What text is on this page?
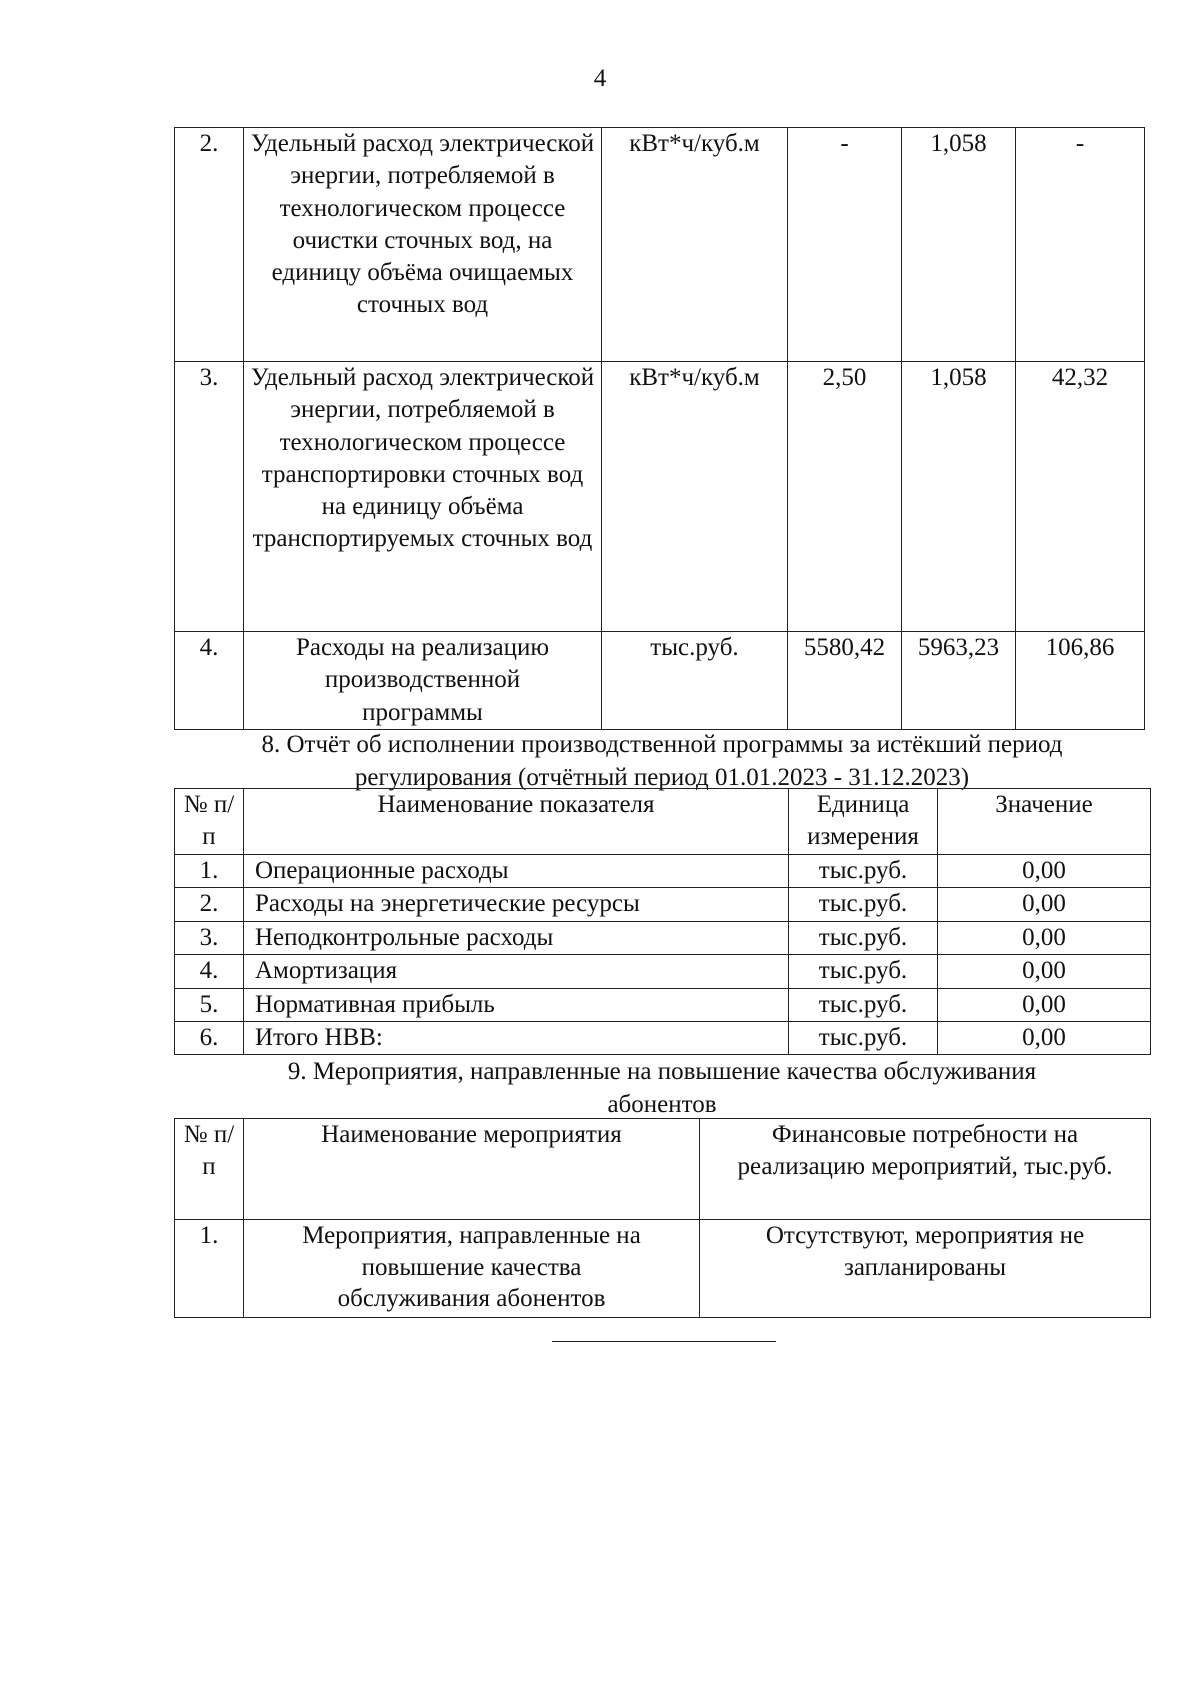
4
2.	Удельный расход электрической энергии, потребляемой в технологическом процессе очистки сточных вод, на единицу объёма очищаемых сточных вод	кВт*ч/куб.м	-	1,058	-
3.	Удельный расход электрической энергии, потребляемой в технологическом процессе транспортировки сточных вод на единицу объёма транспортируемых сточных вод	кВт*ч/куб.м	2,50	1,058	42,32
4.	Расходы на реализацию производственной программы	тыс.руб.	5580,42	5963,23	106,86
8. Отчёт об исполнении производственной программы за истёкший период регулирования (отчётный период 01.01.2023 - 31.12.2023)
№ п/п	Наименование показателя	Единица измерения	Значение
1.	Операционные расходы	тыс.руб.	0,00
2.	Расходы на энергетические ресурсы	тыс.руб.	0,00
3.	Неподконтрольные расходы	тыс.руб.	0,00
4.	Амортизация	тыс.руб.	0,00
5.	Нормативная прибыль	тыс.руб.	0,00
6.	Итого НВВ:	тыс.руб.	0,00
9. Мероприятия, направленные на повышение качества обслуживания абонентов
№ п/п	Наименование мероприятия	Финансовые потребности на реализацию мероприятий, тыс.руб.
1.	Мероприятия, направленные на повышение качества обслуживания абонентов	Отсутствуют, мероприятия не запланированы
